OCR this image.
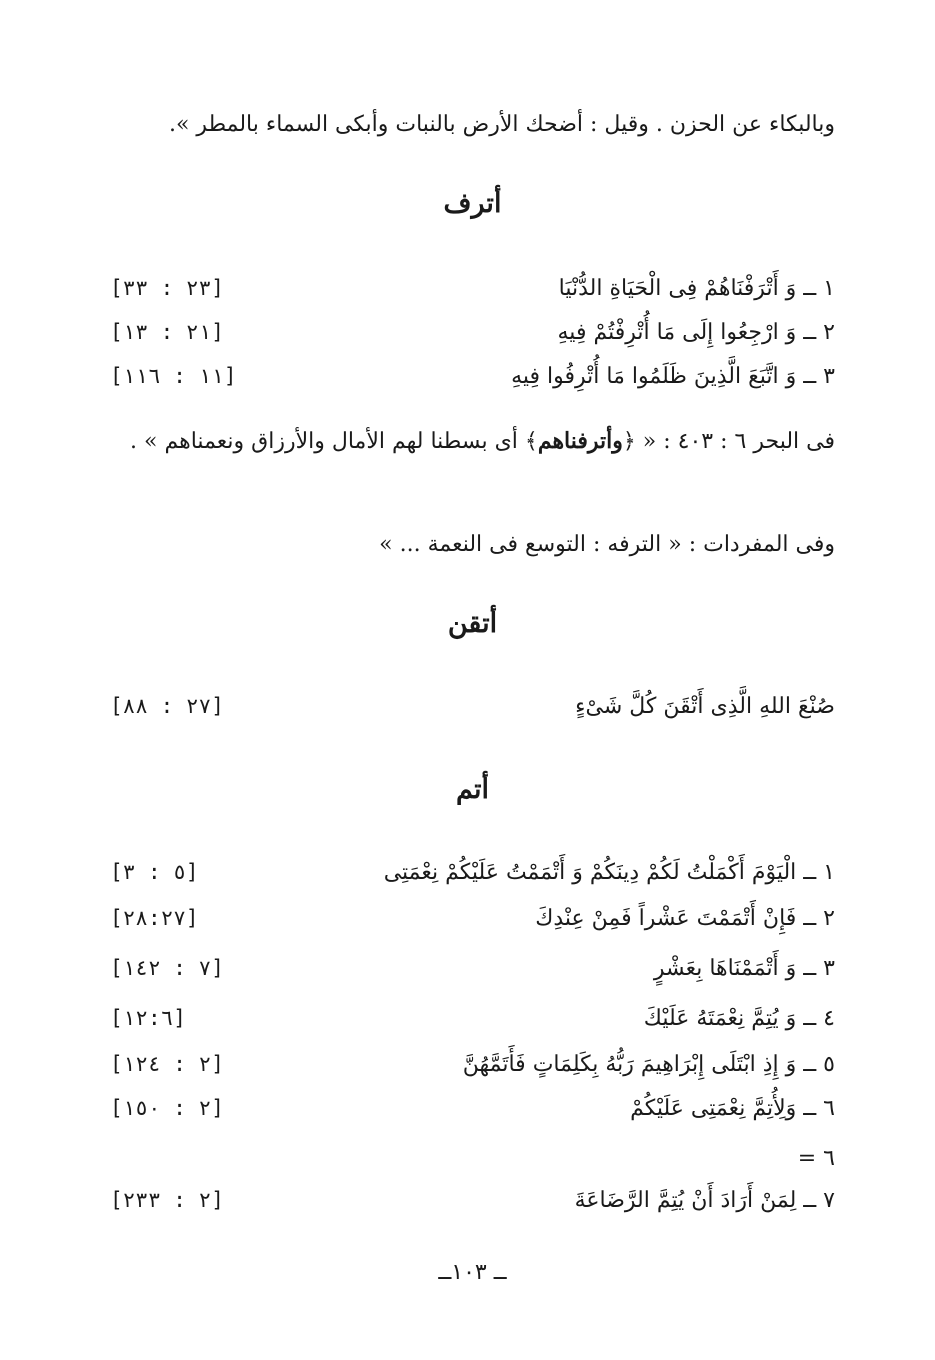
وبالبكاء عن الحزن . وقيل : أضحك الأرض بالنبات وأبكى السماء بالمطر ».
أترف
١ ــ وَ أَتْرَفْنَاهُمْ فِى الْحَيَاةِ الدُّنْيَا
[٢٣ : ٣٣]
٢ ــ وَ ارْجِعُوا إِلَى مَا أُتْرِفْتُمْ فِيهِ
[٢١ : ١٣]
٣ ــ وَ اتَّبَعَ الَّذِينَ ظَلَمُوا مَا أُتْرِفُوا فِيهِ
[١١ : ١١٦]
فى البحر ٦ : ٤٠٣ : « ﴿وأترفناهم﴾ أى بسطنا لهم الأمال والأرزاق ونعمناهم » .
وفى المفردات : « الترفه : التوسع فى النعمة ... »
أتقن
صُنْعَ اللهِ الَّذِى أَتْقَنَ كُلَّ شَىْءٍ
[٢٧ : ٨٨]
أتم
١ ــ الْيَوْمَ أَكْمَلْتُ لَكُمْ دِينَكُمْ وَ أَتْمَمْتُ عَلَيْكُمْ نِعْمَتِى
[٥ : ٣]
٢ ــ فَإِنْ أَتْمَمْتَ عَشْراً فَمِنْ عِنْدِكَ
[٢٨:٢٧]
٣ ــ وَ أَتْمَمْنَاهَا بِعَشْرٍ
[٧ : ١٤٢]
٤ ــ وَ يُتِمَّ نِعْمَتَهُ عَلَيْكَ
[١٢:٦]
٥ ــ وَ إِذِ ابْتَلَى إِبْرَاهِيمَ رَبُّهُ بِكَلِمَاتٍ فَأَتَمَّهُنَّ
[٢ : ١٢٤]
٦ ــ وَلِأُتِمَّ نِعْمَتِى عَلَيْكُمْ
[٢ : ١٥٠]
= ٦
٧ ــ لِمَنْ أَرَادَ أَنْ يُتِمَّ الرَّضَاعَةَ
[٢ : ٢٣٣]
ــ ١٠٣ــ
